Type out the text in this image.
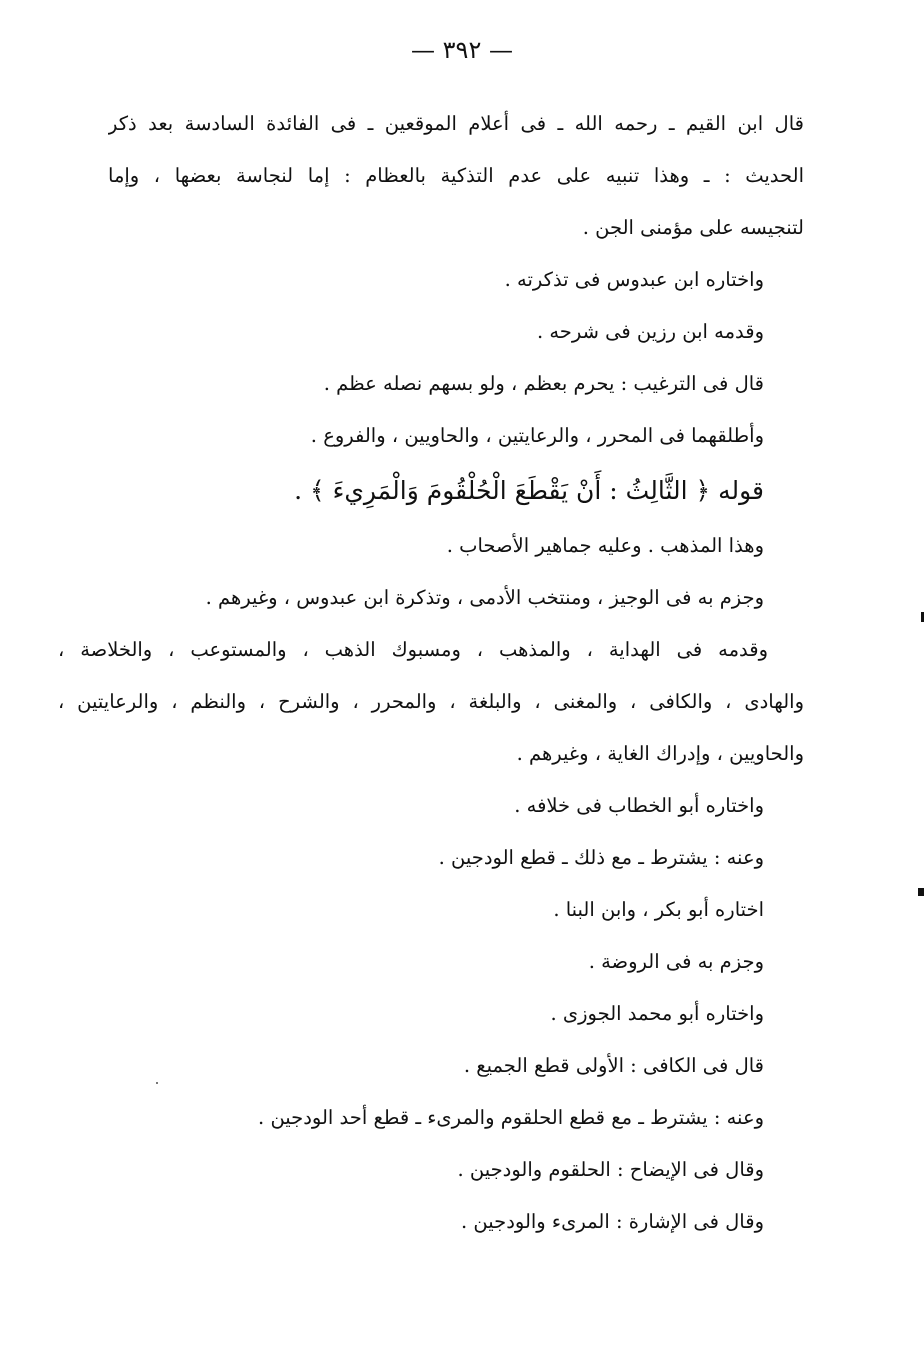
— ٣٩٢ —
قال ابن القيم ـ رحمه الله ـ فى أعلام الموقعين ـ فى الفائدة السادسة بعد ذكر
الحديث : ـ وهذا تنبيه على عدم التذكية بالعظام : إما لنجاسة بعضها ، وإما
لتنجيسه على مؤمنى الجن .
واختاره ابن عبدوس فى تذكرته .
وقدمه ابن رزين فى شرحه .
قال فى الترغيب : يحرم بعظم ، ولو بسهم نصله عظم .
وأطلقهما فى المحرر ، والرعايتين ، والحاويين ، والفروع .
قوله ﴿ الثَّالِثُ : أَنْ يَقْطَعَ الْحُلْقُومَ وَالْمَرِيءَ ﴾ .
وهذا المذهب . وعليه جماهير الأصحاب .
وجزم به فى الوجيز ، ومنتخب الأدمى ، وتذكرة ابن عبدوس ، وغيرهم .
وقدمه فى الهداية ، والمذهب ، ومسبوك الذهب ، والمستوعب ، والخلاصة ،
والهادى ، والكافى ، والمغنى ، والبلغة ، والمحرر ، والشرح ، والنظم ، والرعايتين ،
والحاويين ، وإدراك الغاية ، وغيرهم .
واختاره أبو الخطاب فى خلافه .
وعنه : يشترط ـ مع ذلك ـ قطع الودجين .
اختاره أبو بكر ، وابن البنا .
وجزم به فى الروضة .
واختاره أبو محمد الجوزى .
قال فى الكافى : الأولى قطع الجميع .
وعنه : يشترط ـ مع قطع الحلقوم والمرىء ـ قطع أحد الودجين .
وقال فى الإيضاح : الحلقوم والودجين .
وقال فى الإشارة : المرىء والودجين .
